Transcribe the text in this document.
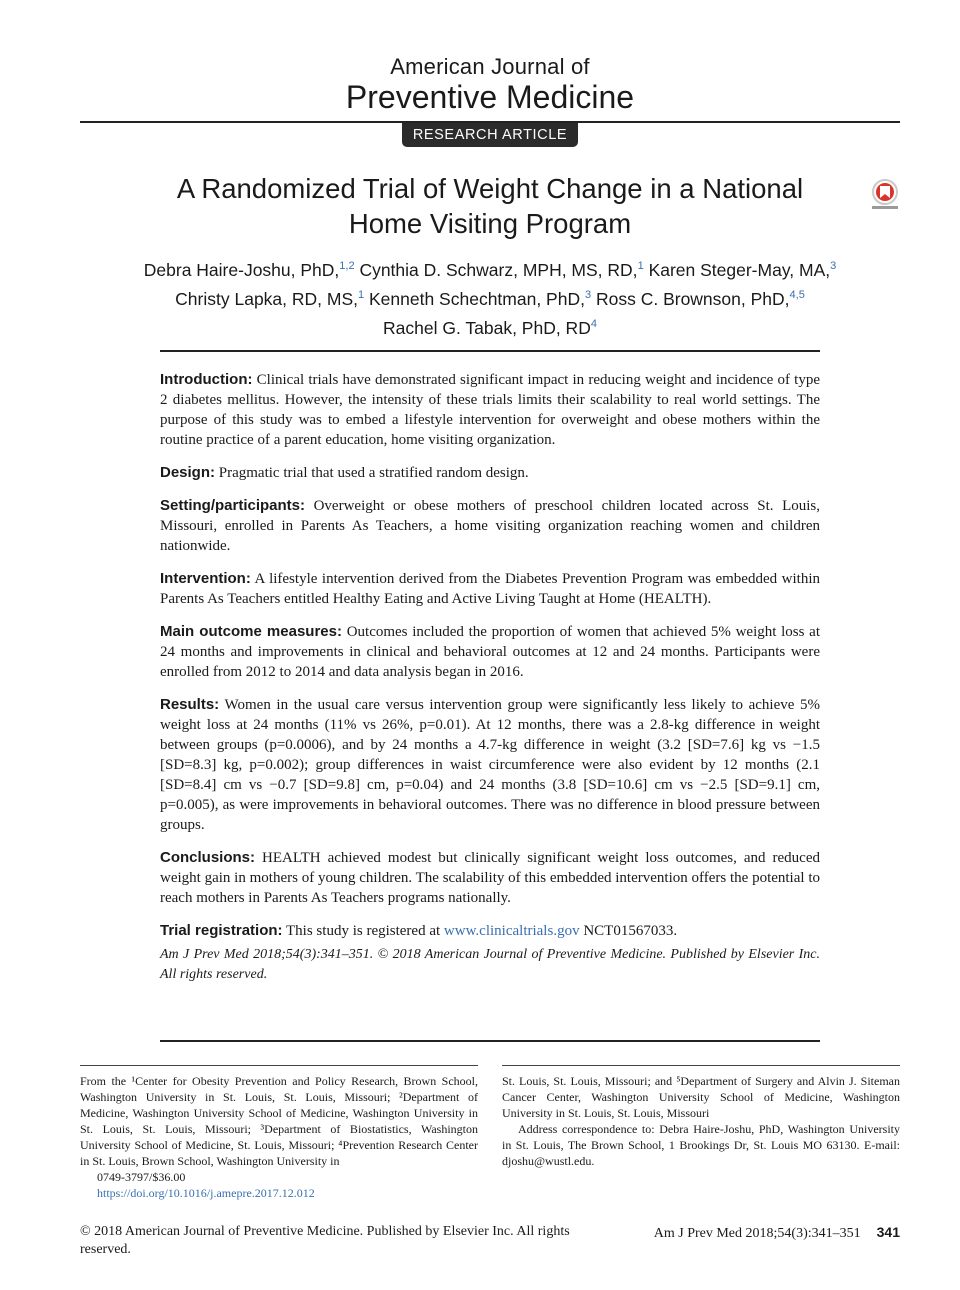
American Journal of
Preventive Medicine
RESEARCH ARTICLE
A Randomized Trial of Weight Change in a National Home Visiting Program
Debra Haire-Joshu, PhD,$^{1,2}$ Cynthia D. Schwarz, MPH, MS, RD,$^1$ Karen Steger-May, MA,$^3$
Christy Lapka, RD, MS,$^1$ Kenneth Schechtman, PhD,$^3$ Ross C. Brownson, PhD,$^{4,5}$
Rachel G. Tabak, PhD, $RD^4$

Introduction: Clinical trials have demonstrated significant impact in reducing weight and incidence of type 2 diabetes mellitus. However, the intensity of these trials limits their scalability to real world settings. The purpose of this study was to embed a lifestyle intervention for overweight and obese mothers within the routine practice of a parent education, home visiting organization.

Design: Pragmatic trial that used a stratified random design.

Setting/participants: Overweight or obese mothers of preschool children located across St. Louis, Missouri, enrolled in Parents As Teachers, a home visiting organization reaching women and children nationwide.

Intervention: A lifestyle intervention derived from the Diabetes Prevention Program was embedded within Parents As Teachers entitled Healthy Eating and Active Living Taught at Home (HEALTH).

Main outcome measures: Outcomes included the proportion of women that achieved 5% weight loss at 24 months and improvements in clinical and behavioral outcomes at 12 and 24 months. Participants were enrolled from 2012 to 2014 and data analysis began in 2016.

Results: Women in the usual care versus intervention group were significantly less likely to achieve 5% weight loss at 24 months (11% vs 26%, p=0.01). At 12 months, there was a 2.8-kg difference in weight between groups (p=0.0006), and by 24 months a 4.7-kg difference in weight (3.2 [SD=7.6] kg vs −1.5 [SD=8.3] kg, p=0.002); group differences in waist circumference were also evident by 12 months (2.1 [SD=8.4] cm vs −0.7 [SD=9.8] cm, p=0.04) and 24 months (3.8 [SD=10.6] cm vs −2.5 [SD=9.1] cm, p=0.005), as were improvements in behavioral outcomes. There was no difference in blood pressure between groups.

Conclusions: HEALTH achieved modest but clinically significant weight loss outcomes, and reduced weight gain in mothers of young children. The scalability of this embedded intervention offers the potential to reach mothers in Parents As Teachers programs nationally.

Trial registration: This study is registered at www.clinicaltrials.gov NCT01567033.

Am J Prev Med 2018;54(3):341–351. © 2018 American Journal of Preventive Medicine. Published by Elsevier Inc. All rights reserved.

From the ¹Center for Obesity Prevention and Policy Research, Brown School, Washington University in St. Louis, St. Louis, Missouri; ²Department of Medicine, Washington University School of Medicine, Washington University in St. Louis, St. Louis, Missouri; ³Department of Biostatistics, Washington University School of Medicine, St. Louis, Missouri; ⁴Prevention Research Center in St. Louis, Brown School, Washington University in
0749-3797/$36.00
https://doi.org/10.1016/j.amepre.2017.12.012
St. Louis, St. Louis, Missouri; and ⁵Department of Surgery and Alvin J. Siteman Cancer Center, Washington University School of Medicine, Washington University in St. Louis, St. Louis, Missouri
Address correspondence to: Debra Haire-Joshu, PhD, Washington University in St. Louis, The Brown School, 1 Brookings Dr, St. Louis MO 63130. E-mail: djoshu@wustl.edu.
© 2018 American Journal of Preventive Medicine. Published by Elsevier Inc. All rights reserved.
Am J Prev Med 2018;54(3):341–351 341
